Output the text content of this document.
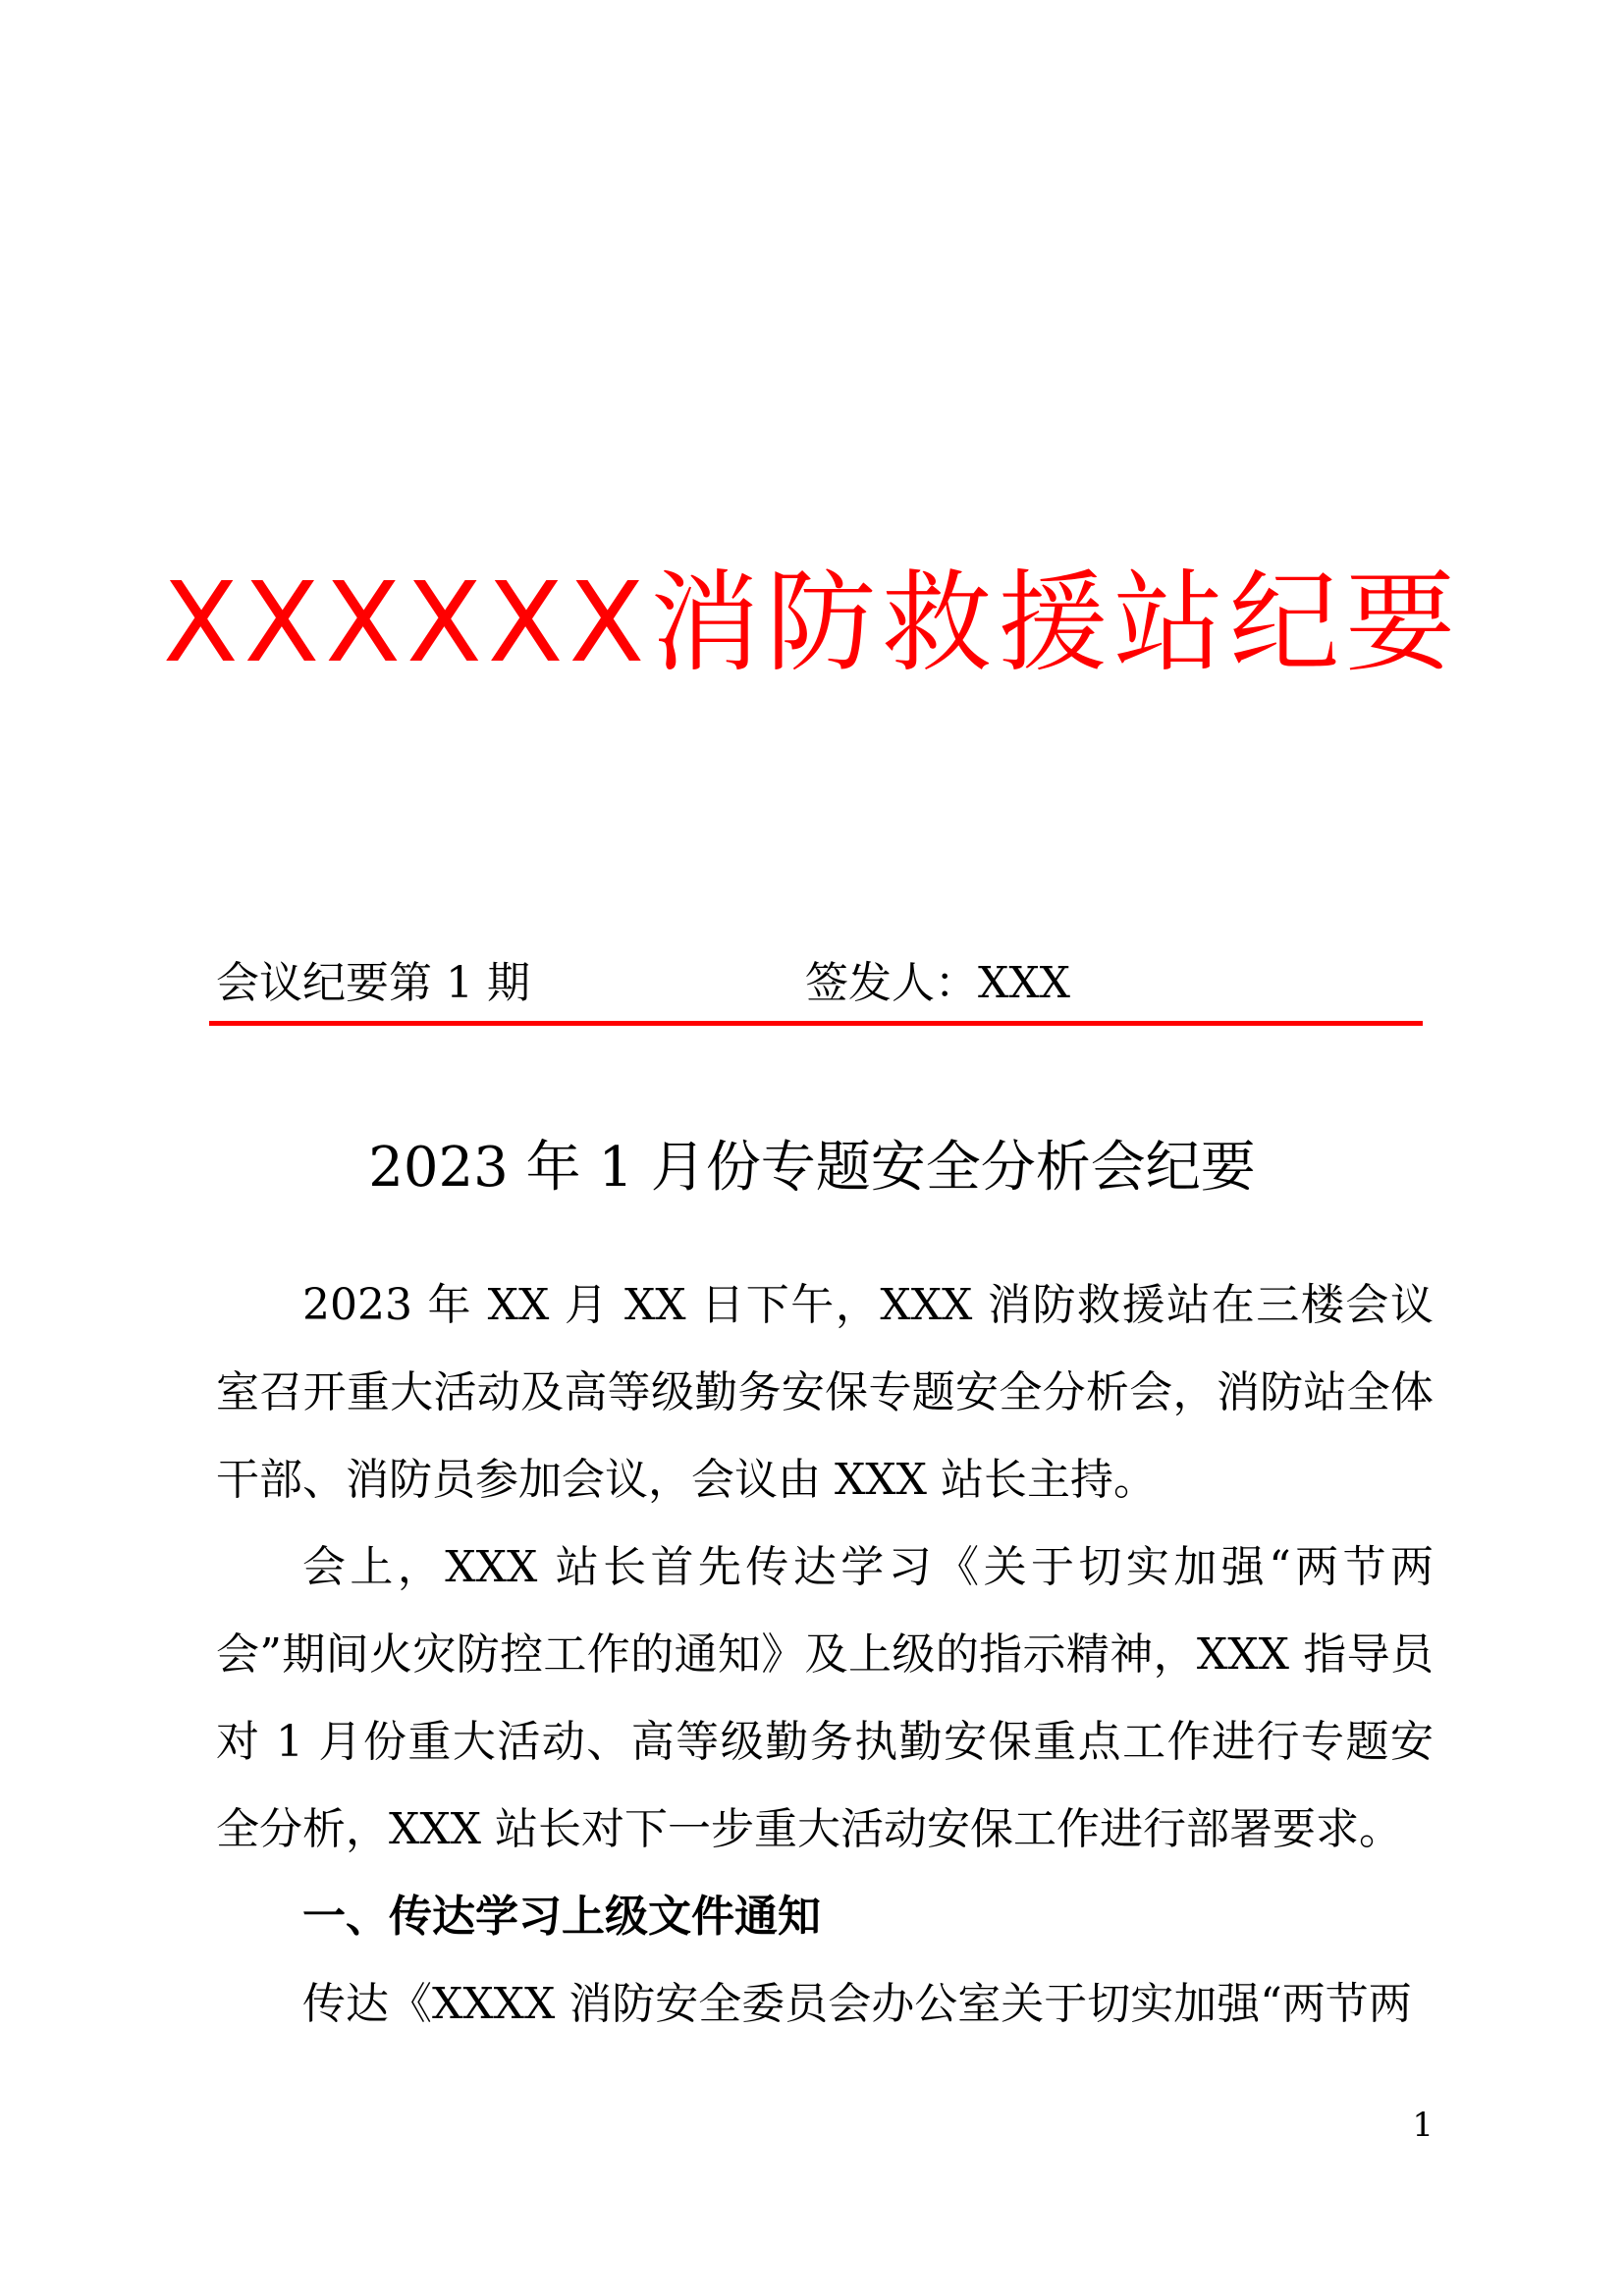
XXXXXX消防救援站纪要
会议纪要第 1 期	签发人：XXX
2023 年 1 月份专题安全分析会纪要

2023 年 XX 月 XX 日下午，XXX 消防救援站在三楼会议室召开重大活动及高等级勤务安保专题安全分析会，消防站全体干部、消防员参加会议，会议由 XXX 站长主持。

会上，XXX 站长首先传达学习《关于切实加强“两节两会”期间火灾防控工作的通知》及上级的指示精神，XXX 指导员对 1 月份重大活动、高等级勤务执勤安保重点工作进行专题安全分析，XXX 站长对下一步重大活动安保工作进行部署要求。

一、传达学习上级文件通知

传达《XXXX 消防安全委员会办公室关于切实加强“两节两

1
